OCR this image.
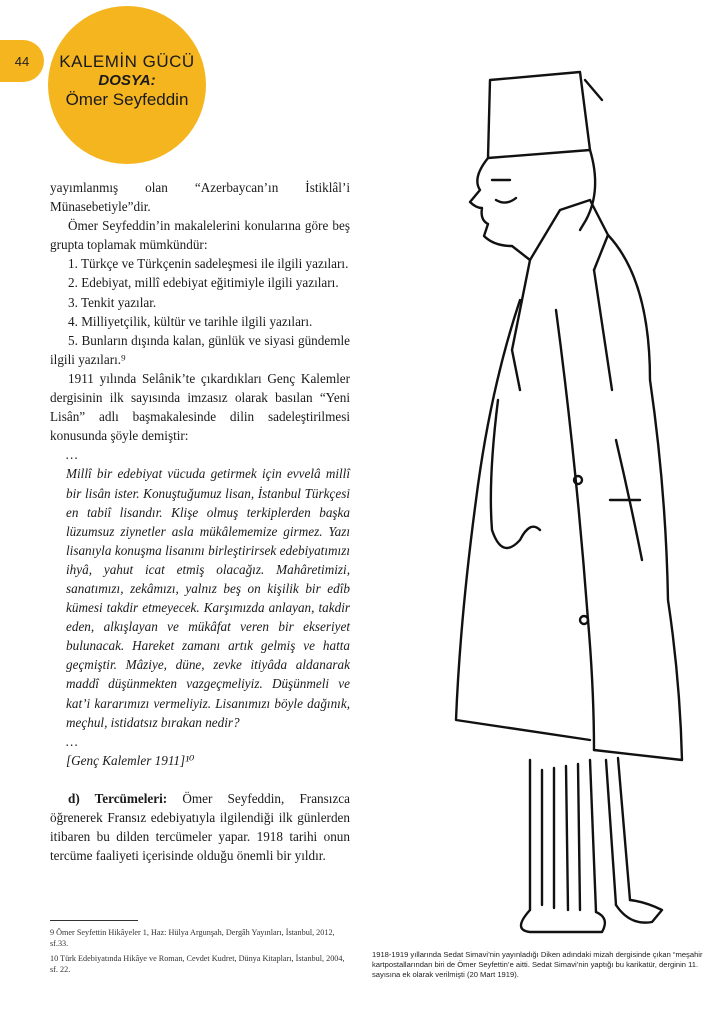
44	KALEMİN GÜCÜ
DOSYA:
Ömer Seyfeddin

yayımlanmış olan “Azerbaycan’ın İstiklâl’i Münasebetiyle”dir.

Ömer Seyfeddin’in makalelerini konularına göre beş grupta toplamak mümkündür:

1. Türkçe ve Türkçenin sadeleşmesi ile ilgili yazıları.

2. Edebiyat, millî edebiyat eğitimiyle ilgili yazıları.

3. Tenkit yazılar.

4. Milliyetçilik, kültür ve tarihle ilgili yazıları.

5. Bunların dışında kalan, günlük ve siyasi gündemle ilgili yazıları.⁹

1911 yılında Selânik’te çıkardıkları Genç Kalemler dergisinin ilk sayısında imzasız olarak basılan “Yeni Lisân” adlı başmakalesinde dilin sadeleştirilmesi konusunda şöyle demiştir:

…

Millî bir edebiyat vücuda getirmek için evvelâ millî bir lisân ister. Konuştuğumuz lisan, İstanbul Türkçesi en tabiî lisandır. Klişe olmuş terkiplerden başka lüzumsuz ziynetler asla mükâlememize girmez. Yazı lisanıyla konuşma lisanını birleştirirsek edebiyatımızı ihyâ, yahut icat etmiş olacağız. Mahâretimizi, sanatımızı, zekâmızı, yalnız beş on kişilik bir edîb kümesi takdir etmeyecek. Karşımızda anlayan, takdir eden, alkışlayan ve mükâfat veren bir ekseriyet bulunacak. Hareket zamanı artık gelmiş ve hatta geçmiştir. Mâziye, düne, zevke itiyâda aldanarak maddî düşünmekten vazgeçmeliyiz. Düşünmeli ve kat’i kararımızı vermeliyiz. Lisanımızı böyle dağınık, meçhul, istidatsız bırakan nedir?

…

[Genç Kalemler 1911]¹⁰

d) Tercümeleri: Ömer Seyfeddin, Fransızca öğrenerek Fransız edebiyatıyla ilgilendiği ilk günlerden itibaren bu dilden tercümeler yapar. 1918 tarihi onun tercüme faaliyeti içerisinde olduğu önemli bir yıldır.

9 Ömer Seyfettin Hikâyeler 1, Haz: Hülya Argunşah, Dergâh Yayınları, İstanbul, 2012, sf.33.

10 Türk Edebiyatında Hikâye ve Roman, Cevdet Kudret, Dünya Kitapları, İstanbul, 2004, sf. 22.

1918-1919 yıllarında Sedat Simavi’nin yayınladığı Diken adındaki mizah dergisinde çıkan “meşahir kartpostallarından biri de Ömer Seyfettin’e aitti. Sedat Simavi’nin yaptığı bu karikatür, derginin 11. sayısına ek olarak verilmişti (20 Mart 1919).
